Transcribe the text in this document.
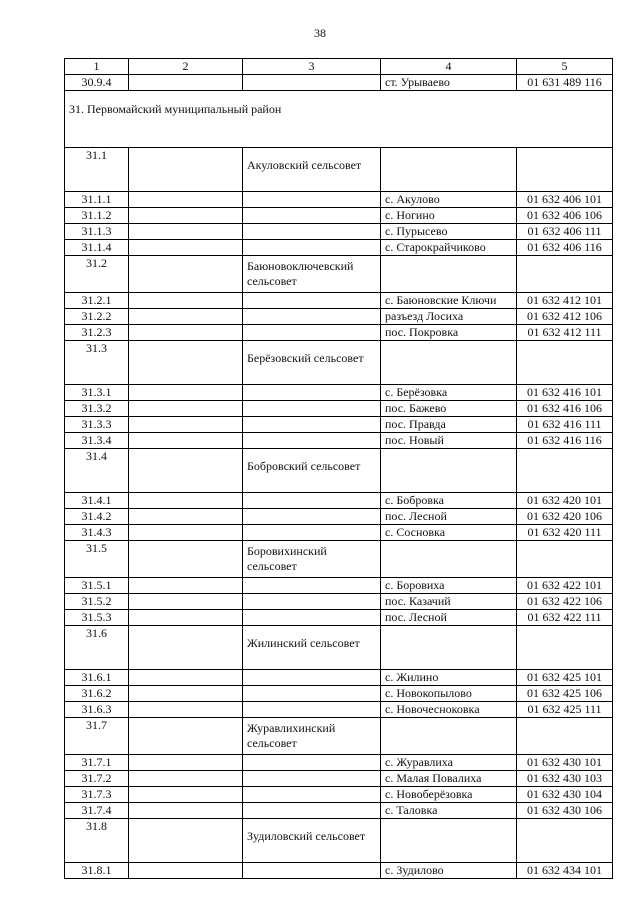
38
1	2	3	4	5
30.9.4			ст. Урываево	01 631 489 116
31. Первомайский муниципальный район				
31.1		Акуловский сельсовет		
31.1.1			с. Акулово	01 632 406 101
31.1.2			с. Ногино	01 632 406 106
31.1.3			с. Пурысево	01 632 406 111
31.1.4			с. Старокрайчиково	01 632 406 116
31.2		Баюновоключевский сельсовет		
31.2.1			с. Баюновские Ключи	01 632 412 101
31.2.2			разъезд Лосиха	01 632 412 106
31.2.3			пос. Покровка	01 632 412 111
31.3		Берёзовский сельсовет		
31.3.1			с. Берёзовка	01 632 416 101
31.3.2			пос. Бажево	01 632 416 106
31.3.3			пос. Правда	01 632 416 111
31.3.4			пос. Новый	01 632 416 116
31.4		Бобровский сельсовет		
31.4.1			с. Бобровка	01 632 420 101
31.4.2			пос. Лесной	01 632 420 106
31.4.3			с. Сосновка	01 632 420 111
31.5		Боровихинский сельсовет		
31.5.1			с. Боровиха	01 632 422 101
31.5.2			пос. Казачий	01 632 422 106
31.5.3			пос. Лесной	01 632 422 111
31.6		Жилинский сельсовет		
31.6.1			с. Жилино	01 632 425 101
31.6.2			с. Новокопылово	01 632 425 106
31.6.3			с. Новочесноковка	01 632 425 111
31.7		Журавлихинский сельсовет		
31.7.1			с. Журавлиха	01 632 430 101
31.7.2			с. Малая Повалиха	01 632 430 103
31.7.3			с. Новоберёзовка	01 632 430 104
31.7.4			с. Таловка	01 632 430 106
31.8		Зудиловский сельсовет		
31.8.1			с. Зудилово	01 632 434 101
